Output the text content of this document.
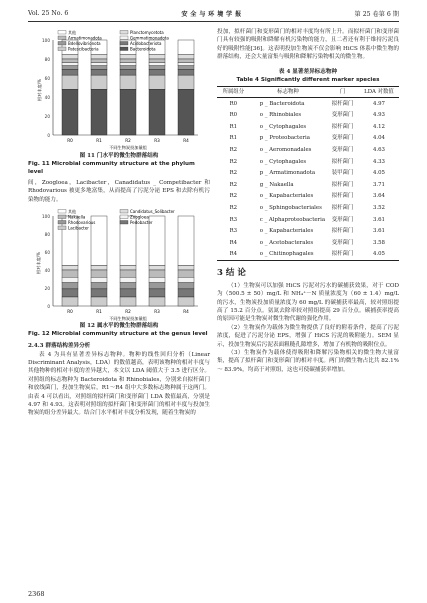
Vol. 25 No. 6	安 全 与 环 境 学 报	第 25 卷第 6 期
0
20
40
60
80
100
相对丰度/%
R0	R1	R2	R3	R4
不同生物炭投加量组
其他	Planctomycetota
Armatimonadota	Gemmatimonadota
Bdellovibrionota	Acidobacteriota
Patescibacteria	Bacteroidota
图 11 门水平的微生物群落结构
Fig. 11 Microbial community structure at the phylum level

间，Zoogloea，Lacibacter，Canadidatus _ Competibacter 和 Rhodovarious 被更多地富集，从而提高了污泥分泌 EPS 和去除有机污染物的能力。

0
20
40
60
80
100
相对丰度/%
R0	R1	R2	R3	R4
不同生物炭投加量组
其他	Candidatus_Solibacter
Nakaella	Zoogloea
Rhodovarious	Pedobacter
Lacibacter
图 12 属水平的微生物群落结构
Fig. 12 Microbial community structure at the genus level
2.4.3 群落结构差异分析

表 4 为具有显著差异标志物种。物种的线性回归分析（Linear Discriminant Analysis，LDA）的数值越高，表明该物种的相对丰度与其他物种的相对丰度的差异越大，本文以 LDA 阈值大于 3.5 进行区分。对照组的标志物种为 Bacteroidota 和 Rhinobiales，分别来自拟杆菌门和放线菌门，投加生物炭后，R1～R4 组中大多数标志物种属于这两门。由表 4 可以看出，对照组的拟杆菌门和变形菌门 LDA 数值最高，分别是 4.97 和 4.93。这表明对照组的拟杆菌门和变形菌门的相对丰度与投加生物炭的组分差异最大。结合门水平相对丰度分析发现，随着生物炭的

2368

投加，拟杆菌门和变形菌门的相对丰度均有所上升。而拟杆菌门和变形菌门具有较强的吸附和降解有机污染物的能力，且二者还有利于维持污泥良好的吸附性能[36]。这表明投加生物炭不仅会影响 HiCS 体系中微生物的群落结构，还会大量富集与吸附和降解污染物相关的微生物。

表 4 显著差异标志物种
Table 4 Significantly different marker species
所属组分	标志物种	门	LDA 对数值
R0	p _ Bacteroidota	拟杆菌门	4.97
R0	o _ Rhinobiales	变形菌门	4.93
R1	o _ Cytophagales	拟杆菌门	4.12
R1	p _ Proteobacteria	变形菌门	4.04
R2	o _ Aeromonadales	变形菌门	4.63
R2	o _ Cytophagales	拟杆菌门	4.33
R2	p _ Armatimonadota	装甲菌门	4.05
R2	g _ Nakaella	拟杆菌门	3.71
R2	o _ Kapabacteriales	拟杆菌门	3.64
R2	o _ Sphingobacteriales	拟杆菌门	3.52
R3	c _ Alphaproteobacteria	变形菌门	3.61
R3	o _ Kapabacteriales	拟杆菌门	3.61
R4	o _ Acetobacterales	变形菌门	3.58
R4	o _ Chitinophagales	拟杆菌门	4.05
3 结 论

（1）生物炭可以加强 HiCS 污泥对污水的碳捕获效果，对于 COD 为（500.5 ± 50）mg/L 和 NH₄⁺－N 质量浓度为（60 ± 1.4）mg/L 的污水，生物炭投加质量浓度为 60 mg/L 的碳捕获率最高，较对照组提高了 15.2 百分点。氨氮去除率较对照组提高 29 百分点。碳捕获率提高的原因可能是生物炭对微生物代谢的强化作用。

（2）生物炭作为载体为微生物提供了良好的附着条件，提高了污泥浓度，促进了污泥分泌 EPS，增强了 HiCS 污泥的吸附能力。SEM 显示，投加生物炭后污泥表面粗糙孔隙增多，增加了有机物的吸附位点。

（3）生物炭作为载体使得吸附和降解污染物相关的微生物大量富集，提高了拟杆菌门和变形菌门的相对丰度。两门的微生物占比共 82.1% ～ 83.9%，均高于对照组，这也可使碳捕获率增加。
